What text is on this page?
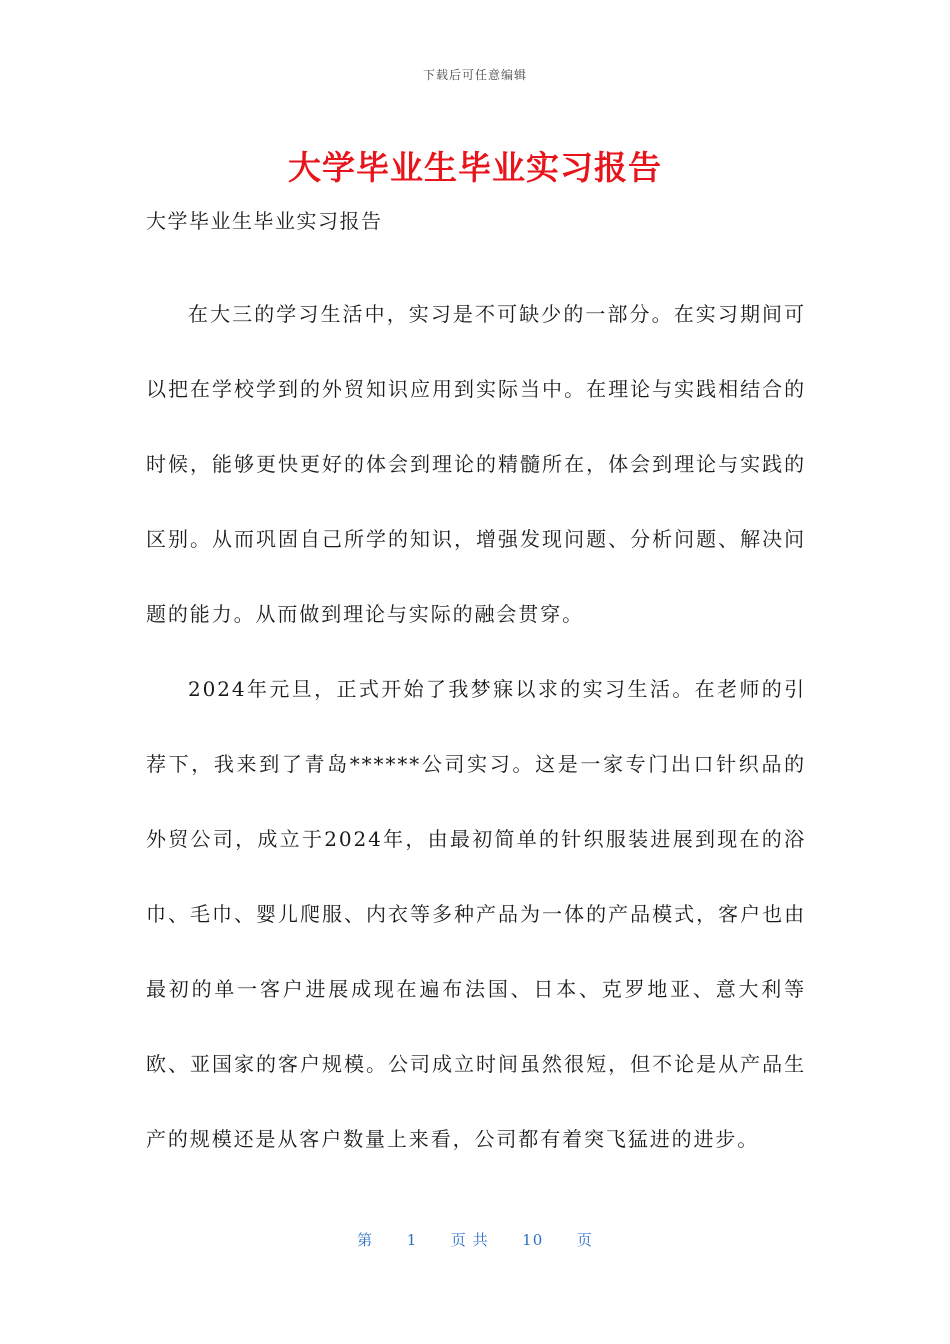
下载后可任意编辑
大学毕业生毕业实习报告

大学毕业生毕业实习报告

在大三的学习生活中，实习是不可缺少的一部分。在实习期间可以把在学校学到的外贸知识应用到实际当中。在理论与实践相结合的时候，能够更快更好的体会到理论的精髓所在，体会到理论与实践的区别。从而巩固自己所学的知识，增强发现问题、分析问题、解决问题的能力。从而做到理论与实际的融会贯穿。

2024年元旦，正式开始了我梦寐以求的实习生活。在老师的引荐下，我来到了青岛******公司实习。这是一家专门出口针织品的外贸公司，成立于2024年，由最初简单的针织服装进展到现在的浴巾、毛巾、婴儿爬服、内衣等多种产品为一体的产品模式，客户也由最初的单一客户进展成现在遍布法国、日本、克罗地亚、意大利等欧、亚国家的客户规模。公司成立时间虽然很短，但不论是从产品生产的规模还是从客户数量上来看，公司都有着突飞猛进的进步。

第 1 页 共 10 页
